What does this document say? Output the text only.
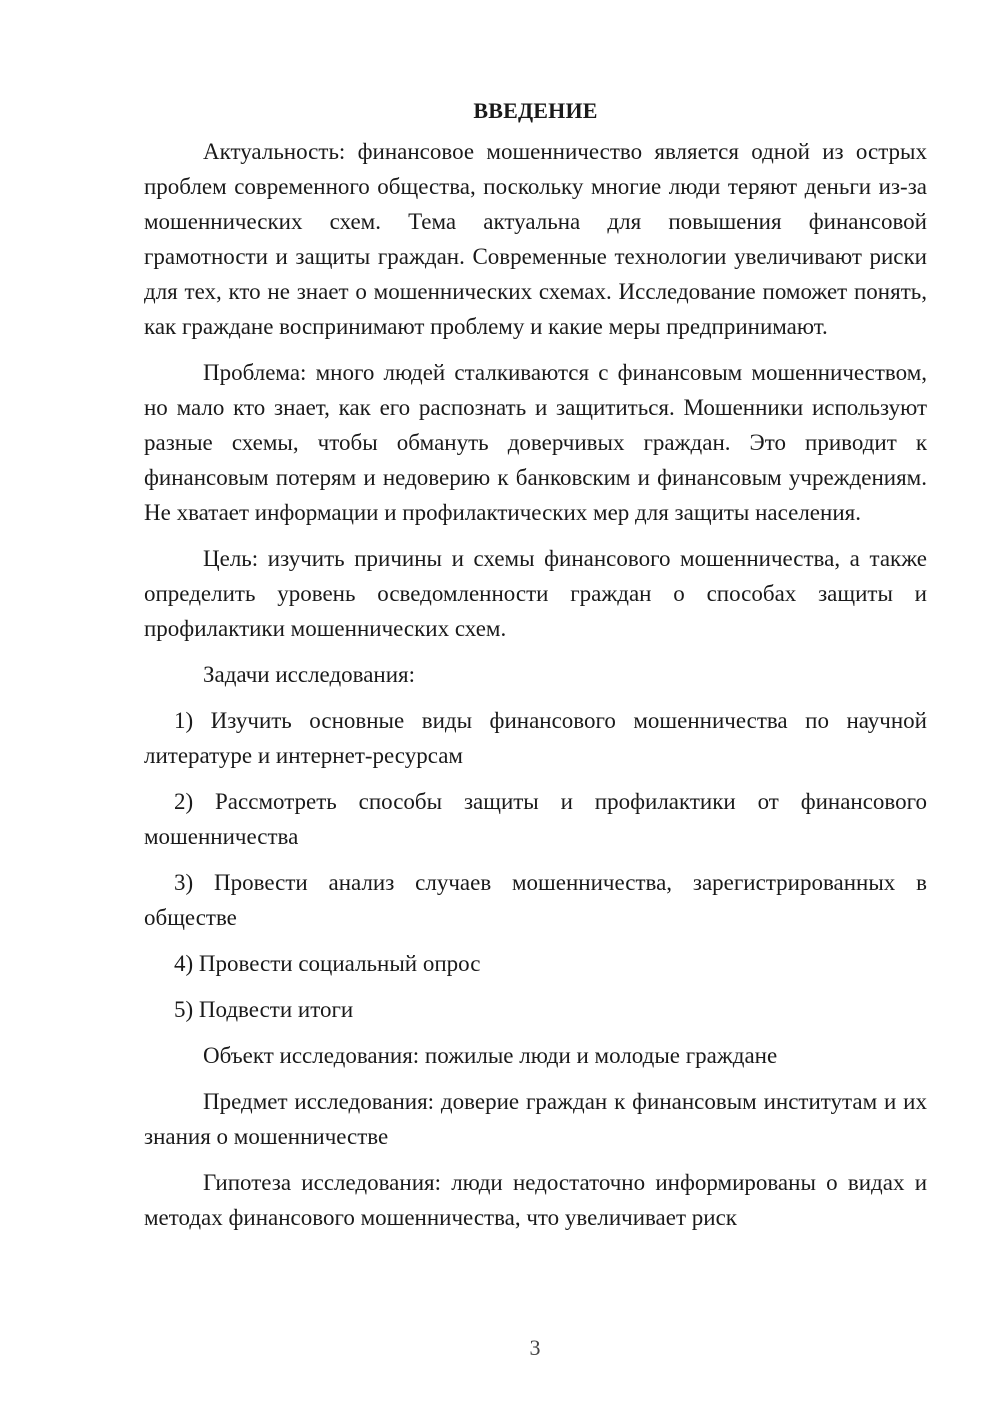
ВВЕДЕНИЕ

Актуальность: финансовое мошенничество является одной из острых проблем современного общества, поскольку многие люди теряют деньги из-за мошеннических схем. Тема актуальна для повышения финансовой грамотности и защиты граждан. Современные технологии увеличивают риски для тех, кто не знает о мошеннических схемах. Исследование поможет понять, как граждане воспринимают проблему и какие меры предпринимают.

Проблема: много людей сталкиваются с финансовым мошенничеством, но мало кто знает, как его распознать и защититься. Мошенники используют разные схемы, чтобы обмануть доверчивых граждан. Это приводит к финансовым потерям и недоверию к банковским и финансовым учреждениям. Не хватает информации и профилактических мер для защиты населения.

Цель: изучить причины и схемы финансового мошенничества, а также определить уровень осведомленности граждан о способах защиты и профилактики мошеннических схем.

Задачи исследования:

1) Изучить основные виды финансового мошенничества по научной литературе и интернет-ресурсам

2) Рассмотреть способы защиты и профилактики от финансового мошенничества

3) Провести анализ случаев мошенничества, зарегистрированных в обществе

4) Провести социальный опрос

5) Подвести итоги

Объект исследования: пожилые люди и молодые граждане

Предмет исследования: доверие граждан к финансовым институтам и их знания о мошенничестве

Гипотеза исследования: люди недостаточно информированы о видах и методах финансового мошенничества, что увеличивает риск

3
